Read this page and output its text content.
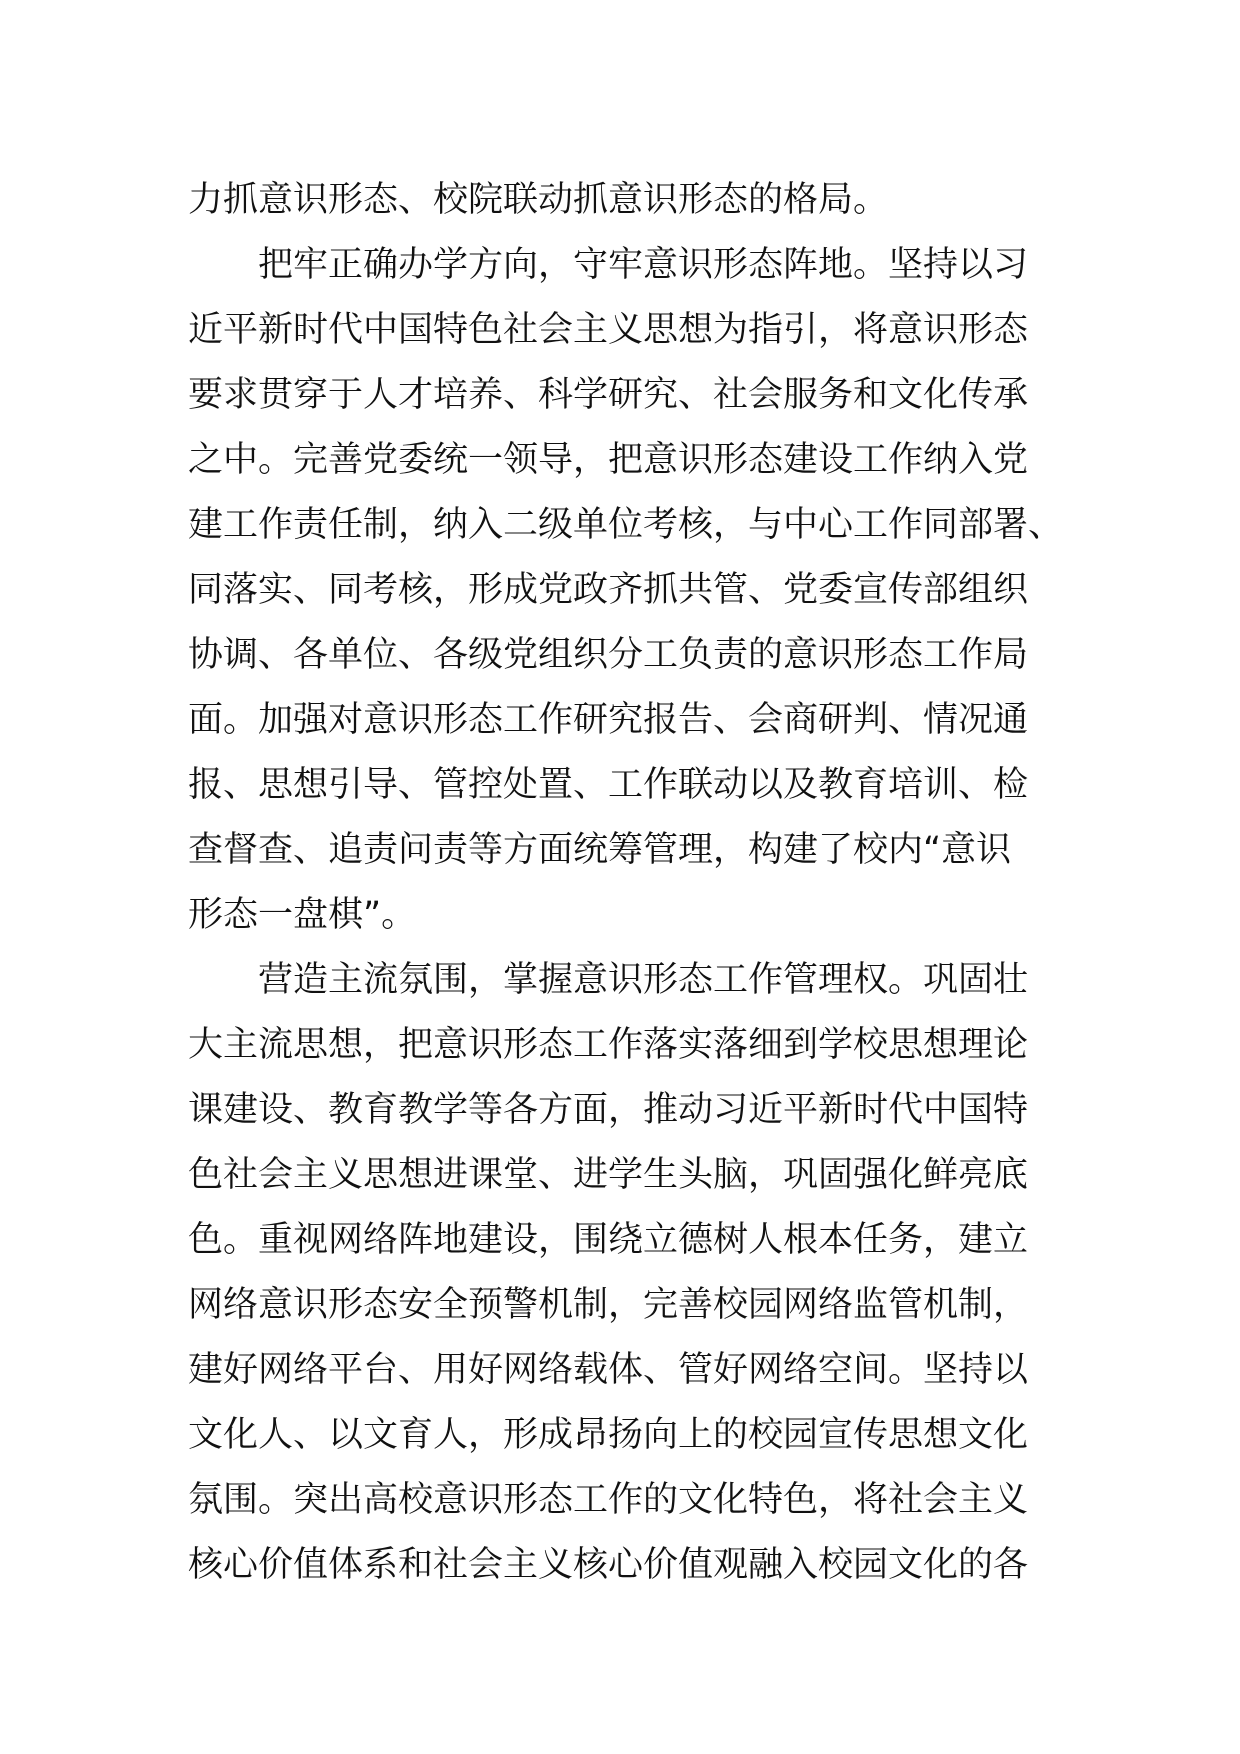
力抓意识形态、校院联动抓意识形态的格局。
把牢正确办学方向，守牢意识形态阵地。坚持以习
近平新时代中国特色社会主义思想为指引，将意识形态
要求贯穿于人才培养、科学研究、社会服务和文化传承
之中。完善党委统一领导，把意识形态建设工作纳入党
建工作责任制，纳入二级单位考核，与中心工作同部署、
同落实、同考核，形成党政齐抓共管、党委宣传部组织
协调、各单位、各级党组织分工负责的意识形态工作局
面。加强对意识形态工作研究报告、会商研判、情况通
报、思想引导、管控处置、工作联动以及教育培训、检
查督查、追责问责等方面统筹管理，构建了校内“意识
形态一盘棋”。
营造主流氛围，掌握意识形态工作管理权。巩固壮
大主流思想，把意识形态工作落实落细到学校思想理论
课建设、教育教学等各方面，推动习近平新时代中国特
色社会主义思想进课堂、进学生头脑，巩固强化鲜亮底
色。重视网络阵地建设，围绕立德树人根本任务，建立
网络意识形态安全预警机制，完善校园网络监管机制，
建好网络平台、用好网络载体、管好网络空间。坚持以
文化人、以文育人，形成昂扬向上的校园宣传思想文化
氛围。突出高校意识形态工作的文化特色，将社会主义
核心价值体系和社会主义核心价值观融入校园文化的各
